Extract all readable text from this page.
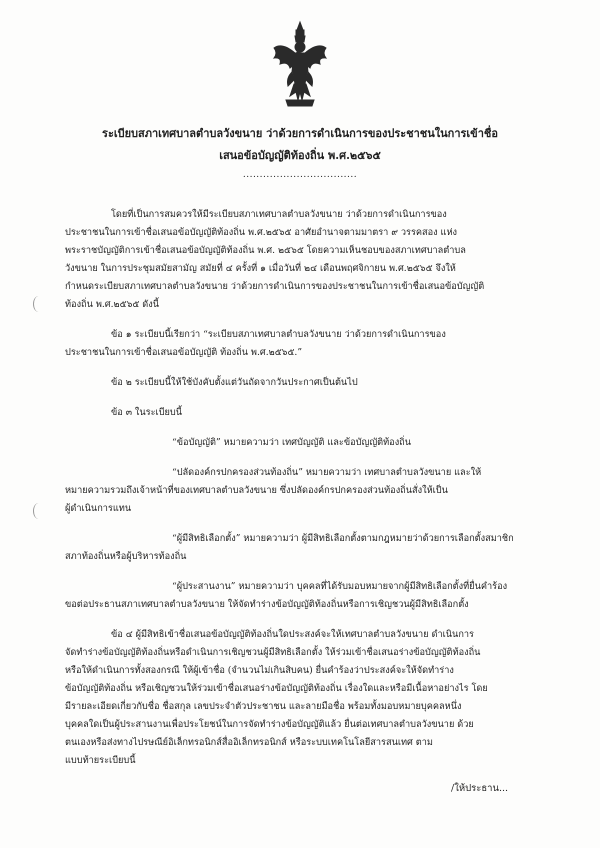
ระเบียบสภาเทศบาลตำบลวังขนาย ว่าด้วยการดำเนินการของประชาชนในการเข้าชื่อ
เสนอข้อบัญญัติท้องถิ่น พ.ศ.๒๕๖๕
..................................
โดยที่เป็นการสมควรให้มีระเบียบสภาเทศบาลตำบลวังขนาย ว่าด้วยการดำเนินการของ
ประชาชนในการเข้าชื่อเสนอข้อบัญญัติท้องถิ่น พ.ศ.๒๕๖๕ อาศัยอำนาจตามมาตรา ๙ วรรคสอง แห่ง
พระราชบัญญัติการเข้าชื่อเสนอข้อบัญญัติท้องถิ่น พ.ศ. ๒๕๖๕ โดยความเห็นชอบของสภาเทศบาลตำบล
วังขนาย ในการประชุมสมัยสามัญ สมัยที่ ๔ ครั้งที่ ๑ เมื่อวันที่ ๒๔ เดือนพฤศจิกายน พ.ศ.๒๕๖๕ จึงให้
กำหนดระเบียบสภาเทศบาลตำบลวังขนาย ว่าด้วยการดำเนินการของประชาชนในการเข้าชื่อเสนอข้อบัญญัติ
ท้องถิ่น พ.ศ.๒๕๖๕ ดังนี้
ข้อ ๑ ระเบียบนี้เรียกว่า “ระเบียบสภาเทศบาลตำบลวังขนาย ว่าด้วยการดำเนินการของ
ประชาชนในการเข้าชื่อเสนอข้อบัญญัติ ท้องถิ่น พ.ศ.๒๕๖๕.”
ข้อ ๒ ระเบียบนี้ให้ใช้บังคับตั้งแต่วันถัดจากวันประกาศเป็นต้นไป
ข้อ ๓ ในระเบียบนี้
“ข้อบัญญัติ” หมายความว่า เทศบัญญัติ และข้อบัญญัติท้องถิ่น
“ปลัดองค์กรปกครองส่วนท้องถิ่น” หมายความว่า เทศบาลตำบลวังขนาย และให้
หมายความรวมถึงเจ้าหน้าที่ของเทศบาลตำบลวังขนาย ซึ่งปลัดองค์กรปกครองส่วนท้องถิ่นสั่งให้เป็น
ผู้ดำเนินการแทน
“ผู้มีสิทธิเลือกตั้ง” หมายความว่า ผู้มีสิทธิเลือกตั้งตามกฎหมายว่าด้วยการเลือกตั้งสมาชิก
สภาท้องถิ่นหรือผู้บริหารท้องถิ่น
“ผู้ประสานงาน” หมายความว่า บุคคลที่ได้รับมอบหมายจากผู้มีสิทธิเลือกตั้งที่ยื่นคำร้อง
ขอต่อประธานสภาเทศบาลตำบลวังขนาย ให้จัดทำร่างข้อบัญญัติท้องถิ่นหรือการเชิญชวนผู้มีสิทธิเลือกตั้ง
ข้อ ๔ ผู้มีสิทธิเข้าชื่อเสนอข้อบัญญัติท้องถิ่นใดประสงค์จะให้เทศบาลตำบลวังขนาย ดำเนินการ
จัดทำร่างข้อบัญญัติท้องถิ่นหรือดำเนินการเชิญชวนผู้มีสิทธิเลือกตั้ง ให้ร่วมเข้าชื่อเสนอร่างข้อบัญญัติท้องถิ่น
หรือให้ดำเนินการทั้งสองกรณี ให้ผู้เข้าชื่อ (จำนวนไม่เกินสิบคน) ยื่นคำร้องว่าประสงค์จะให้จัดทำร่าง
ข้อบัญญัติท้องถิ่น หรือเชิญชวนให้ร่วมเข้าชื่อเสนอร่างข้อบัญญัติท้องถิ่น เรื่องใดและหรือมีเนื้อหาอย่างไร โดย
มีรายละเอียดเกี่ยวกับชื่อ ชื่อสกุล เลขประจำตัวประชาชน และลายมือชื่อ พร้อมทั้งมอบหมายบุคคลหนึ่ง
บุคคลใดเป็นผู้ประสานงานเพื่อประโยชน์ในการจัดทำร่างข้อบัญญัติแล้ว ยื่นต่อเทศบาลตำบลวังขนาย ด้วย
ตนเองหรือส่งทางไปรษณีย์อิเล็กทรอนิกส์สื่ออิเล็กทรอนิกส์ หรือระบบเทคโนโลยีสารสนเทศ ตาม
แบบท้ายระเบียบนี้
/ให้ประธาน...
